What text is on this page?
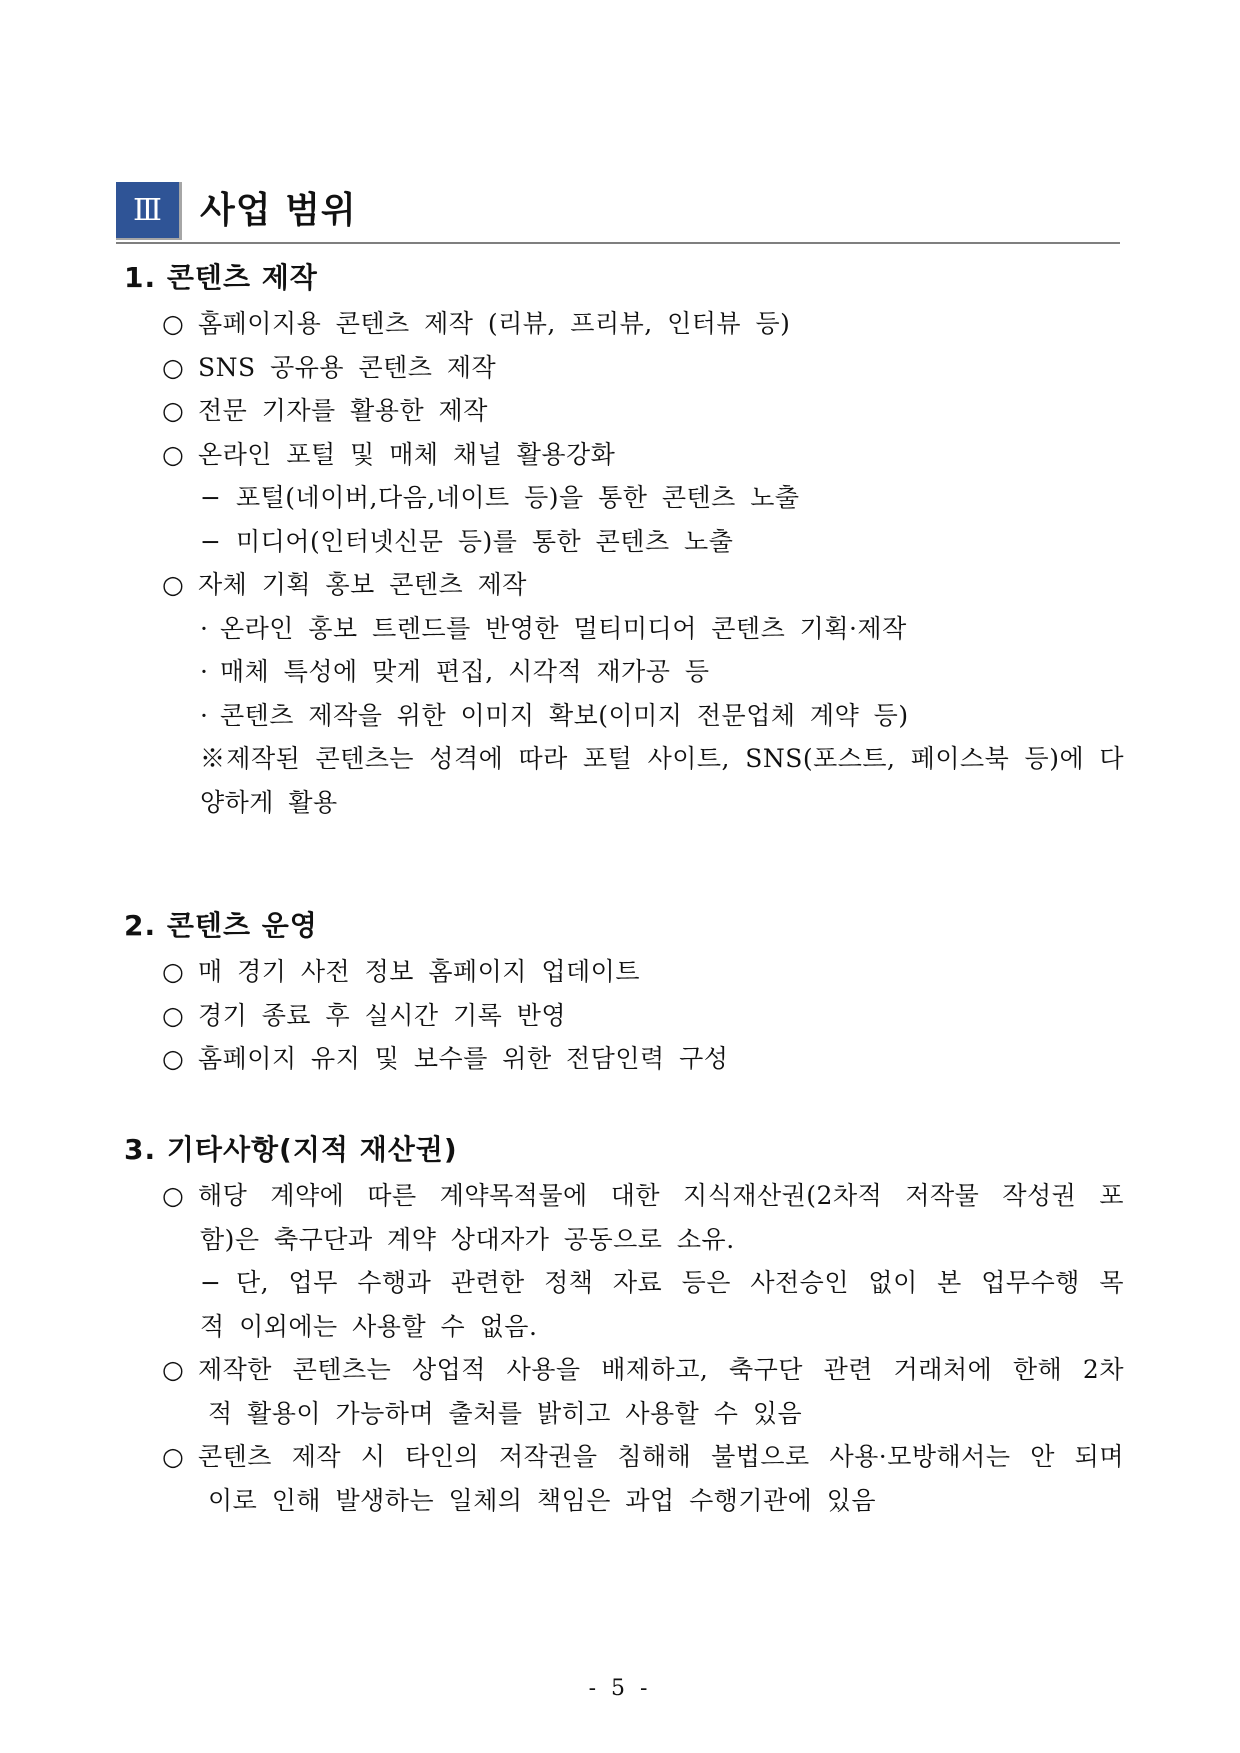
Ⅲ	사업 범위
1. 콘텐츠 제작
○ 홈페이지용 콘텐츠 제작 (리뷰, 프리뷰, 인터뷰 등)
○ SNS 공유용 콘텐츠 제작
○ 전문 기자를 활용한 제작
○ 온라인 포털 및 매체 채널 활용강화
− 포털(네이버,다음,네이트 등)을 통한 콘텐츠 노출
− 미디어(인터넷신문 등)를 통한 콘텐츠 노출
○ 자체 기획 홍보 콘텐츠 제작
· 온라인 홍보 트렌드를 반영한 멀티미디어 콘텐츠 기획·제작
· 매체 특성에 맞게 편집, 시각적 재가공 등
· 콘텐츠 제작을 위한 이미지 확보(이미지 전문업체 계약 등)
※제작된 콘텐츠는 성격에 따라 포털 사이트, SNS(포스트, 페이스북 등)에 다
양하게 활용
2. 콘텐츠 운영
○ 매 경기 사전 정보 홈페이지 업데이트
○ 경기 종료 후 실시간 기록 반영
○ 홈페이지 유지 및 보수를 위한 전담인력 구성
3. 기타사항(지적 재산권)
○ 해당 계약에 따른 계약목적물에 대한 지식재산권(2차적 저작물 작성권 포
함)은 축구단과 계약 상대자가 공동으로 소유.
− 단, 업무 수행과 관련한 정책 자료 등은 사전승인 없이 본 업무수행 목
적 이외에는 사용할 수 없음.
○ 제작한 콘텐츠는 상업적 사용을 배제하고, 축구단 관련 거래처에 한해 2차
적 활용이 가능하며 출처를 밝히고 사용할 수 있음
○ 콘텐츠 제작 시 타인의 저작권을 침해해 불법으로 사용·모방해서는 안 되며
이로 인해 발생하는 일체의 책임은 과업 수행기관에 있음
- 5 -
